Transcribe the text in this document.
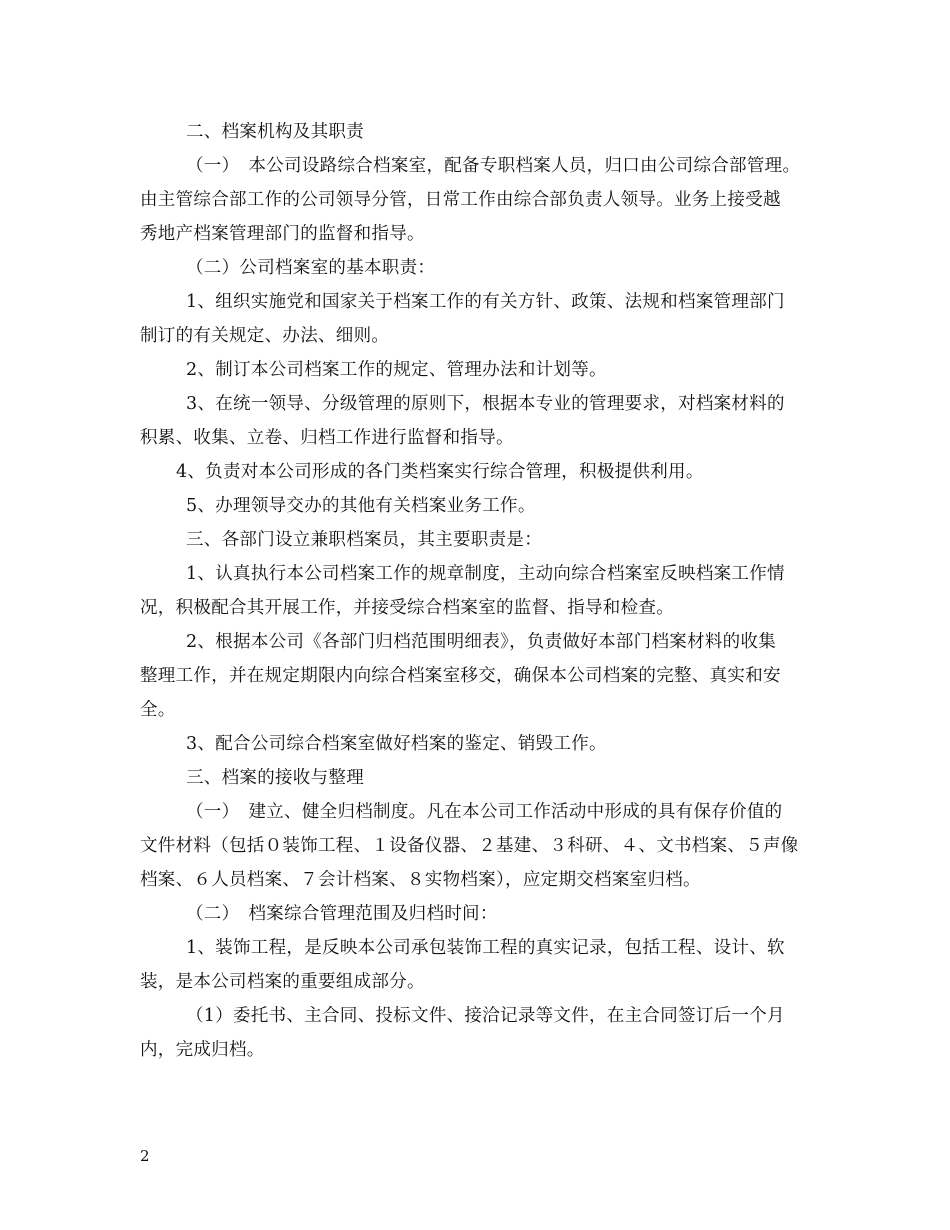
二、档案机构及其职责
（一）　本公司设路综合档案室，配备专职档案人员，归口由公司综合部管理。
由主管综合部工作的公司领导分管，日常工作由综合部负责人领导。业务上接受越
秀地产档案管理部门的监督和指导。
（二）公司档案室的基本职责：
1、组织实施党和国家关于档案工作的有关方针、政策、法规和档案管理部门
制订的有关规定、办法、细则。
2、制订本公司档案工作的规定、管理办法和计划等。
3、在统一领导、分级管理的原则下，根据本专业的管理要求，对档案材料的
积累、收集、立卷、归档工作进行监督和指导。
4、负责对本公司形成的各门类档案实行综合管理，积极提供利用。
5、办理领导交办的其他有关档案业务工作。
三、各部门设立兼职档案员，其主要职责是：
1、认真执行本公司档案工作的规章制度，主动向综合档案室反映档案工作情
况，积极配合其开展工作，并接受综合档案室的监督、指导和检查。
2、根据本公司《各部门归档范围明细表》，负责做好本部门档案材料的收集
整理工作，并在规定期限内向综合档案室移交，确保本公司档案的完整、真实和安
全。
3、配合公司综合档案室做好档案的鉴定、销毁工作。
三、档案的接收与整理
（一）　建立、健全归档制度。凡在本公司工作活动中形成的具有保存价值的
文件材料（包括０装饰工程、１设备仪器、２基建、３科研、４、文书档案、５声像
档案、６人员档案、７会计档案、８实物档案），应定期交档案室归档。
（二）　档案综合管理范围及归档时间：
1、装饰工程，是反映本公司承包装饰工程的真实记录，包括工程、设计、软
装，是本公司档案的重要组成部分。
（1）委托书、主合同、投标文件、接洽记录等文件，在主合同签订后一个月
内，完成归档。
2
